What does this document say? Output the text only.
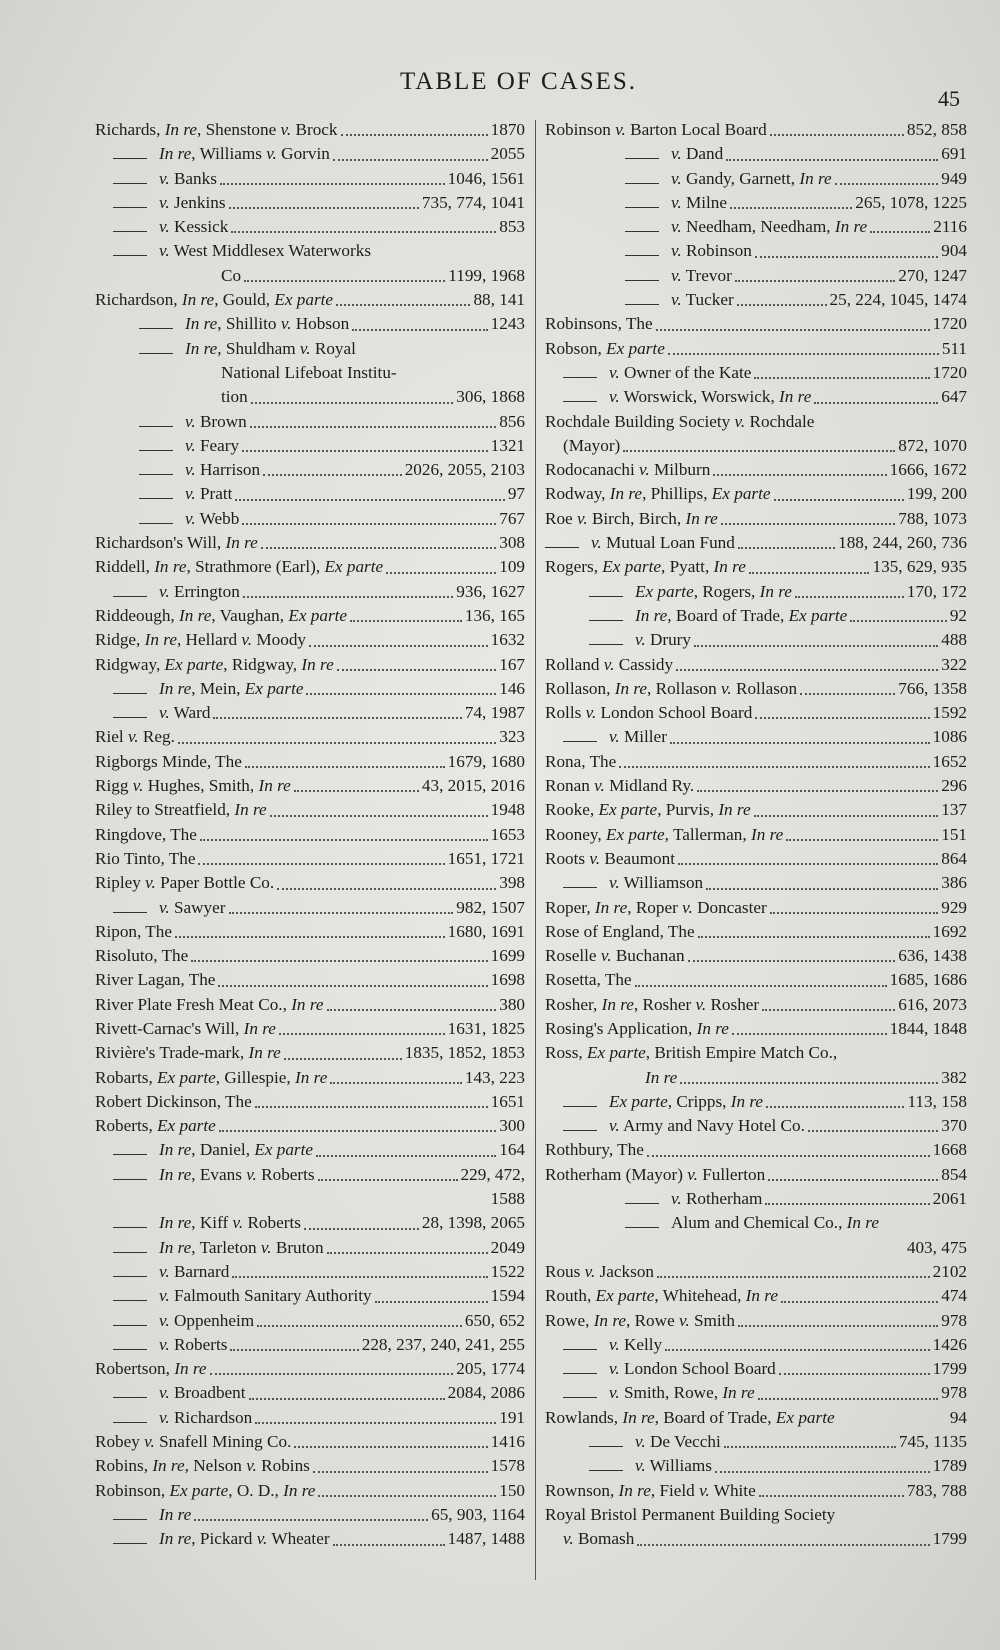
TABLE OF CASES.
45
Richards, In re, Shenstone v. Brock	1870
In re, Williams v. Gorvin	2055
v. Banks	1046, 1561
v. Jenkins	735, 774, 1041
v. Kessick	853
v. West Middlesex Waterworks
Co	1199, 1968
Richardson, In re, Gould, Ex parte	88, 141
In re, Shillito v. Hobson	1243
In re, Shuldham v. Royal
National Lifeboat Institu-
tion	306, 1868
v. Brown	856
v. Feary	1321
v. Harrison	2026, 2055, 2103
v. Pratt	97
v. Webb	767
Richardson's Will, In re	308
Riddell, In re, Strathmore (Earl), Ex parte	109
v. Errington	936, 1627
Riddeough, In re, Vaughan, Ex parte	136, 165
Ridge, In re, Hellard v. Moody	1632
Ridgway, Ex parte, Ridgway, In re	167
In re, Mein, Ex parte	146
v. Ward	74, 1987
Riel v. Reg.	323
Rigborgs Minde, The	1679, 1680
Rigg v. Hughes, Smith, In re	43, 2015, 2016
Riley to Streatfield, In re	1948
Ringdove, The	1653
Rio Tinto, The	1651, 1721
Ripley v. Paper Bottle Co.	398
v. Sawyer	982, 1507
Ripon, The	1680, 1691
Risoluto, The	1699
River Lagan, The	1698
River Plate Fresh Meat Co., In re	380
Rivett-Carnac's Will, In re	1631, 1825
Rivière's Trade-mark, In re	1835, 1852, 1853
Robarts, Ex parte, Gillespie, In re	143, 223
Robert Dickinson, The	1651
Roberts, Ex parte	300
In re, Daniel, Ex parte	164
In re, Evans v. Roberts	229, 472,
1588
In re, Kiff v. Roberts	28, 1398, 2065
In re, Tarleton v. Bruton	2049
v. Barnard	1522
v. Falmouth Sanitary Authority	1594
v. Oppenheim	650, 652
v. Roberts	228, 237, 240, 241, 255
Robertson, In re	205, 1774
v. Broadbent	2084, 2086
v. Richardson	191
Robey v. Snafell Mining Co.	1416
Robins, In re, Nelson v. Robins	1578
Robinson, Ex parte, O. D., In re	150
In re	65, 903, 1164
In re, Pickard v. Wheater	1487, 1488
Robinson v. Barton Local Board	852, 858
v. Dand	691
v. Gandy, Garnett, In re	949
v. Milne	265, 1078, 1225
v. Needham, Needham, In re	2116
v. Robinson	904
v. Trevor	270, 1247
v. Tucker	25, 224, 1045, 1474
Robinsons, The	1720
Robson, Ex parte	511
v. Owner of the Kate	1720
v. Worswick, Worswick, In re	647
Rochdale Building Society v. Rochdale
(Mayor)	872, 1070
Rodocanachi v. Milburn	1666, 1672
Rodway, In re, Phillips, Ex parte	199, 200
Roe v. Birch, Birch, In re	788, 1073
v. Mutual Loan Fund	188, 244, 260, 736
Rogers, Ex parte, Pyatt, In re	135, 629, 935
Ex parte, Rogers, In re	170, 172
In re, Board of Trade, Ex parte	92
v. Drury	488
Rolland v. Cassidy	322
Rollason, In re, Rollason v. Rollason	766, 1358
Rolls v. London School Board	1592
v. Miller	1086
Rona, The	1652
Ronan v. Midland Ry.	296
Rooke, Ex parte, Purvis, In re	137
Rooney, Ex parte, Tallerman, In re	151
Roots v. Beaumont	864
v. Williamson	386
Roper, In re, Roper v. Doncaster	929
Rose of England, The	1692
Roselle v. Buchanan	636, 1438
Rosetta, The	1685, 1686
Rosher, In re, Rosher v. Rosher	616, 2073
Rosing's Application, In re	1844, 1848
Ross, Ex parte, British Empire Match Co.,
In re	382
Ex parte, Cripps, In re	113, 158
v. Army and Navy Hotel Co.	370
Rothbury, The	1668
Rotherham (Mayor) v. Fullerton	854
v. Rotherham	2061
Alum and Chemical Co., In re
403, 475
Rous v. Jackson	2102
Routh, Ex parte, Whitehead, In re	474
Rowe, In re, Rowe v. Smith	978
v. Kelly	1426
v. London School Board	1799
v. Smith, Rowe, In re	978
Rowlands, In re, Board of Trade, Ex parte	94
v. De Vecchi	745, 1135
v. Williams	1789
Rownson, In re, Field v. White	783, 788
Royal Bristol Permanent Building Society
v. Bomash	1799
